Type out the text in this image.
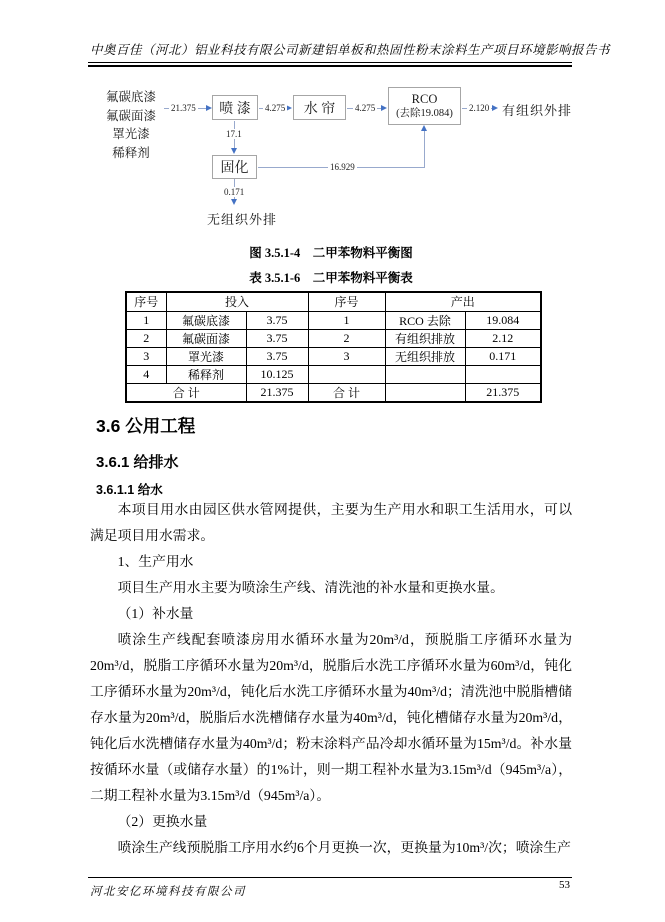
中奥百佳（河北）铝业科技有限公司新建铝单板和热固性粉末涂料生产项目环境影响报告书
氟碳底漆
氟碳面漆
罩光漆
稀释剂
21.375	喷 漆	4.275	水 帘	4.275
RCO
(去除19.084)
2.120 有组织外排
17.1
固化	16.929
0.171
无组织外排
图 3.5.1-4　二甲苯物料平衡图
表 3.5.1-6　二甲苯物料平衡表
序号	投入		序号	产出	
1	氟碳底漆	3.75	1	RCO 去除	19.084
2	氟碳面漆	3.75	2	有组织排放	2.12
3	罩光漆	3.75	3	无组织排放	0.171
4	稀释剂	10.125			
合 计		21.375	合 计		21.375
3.6 公用工程
3.6.1 给排水
3.6.1.1 给水

本项目用水由园区供水管网提供，主要为生产用水和职工生活用水，可以满足项目用水需求。

1、生产用水

项目生产用水主要为喷涂生产线、清洗池的补水量和更换水量。

（1）补水量

喷涂生产线配套喷漆房用水循环水量为20m³/d，预脱脂工序循环水量为20m³/d，脱脂工序循环水量为20m³/d，脱脂后水洗工序循环水量为60m³/d，钝化工序循环水量为20m³/d，钝化后水洗工序循环水量为40m³/d；清洗池中脱脂槽储存水量为20m³/d，脱脂后水洗槽储存水量为40m³/d，钝化槽储存水量为20m³/d，钝化后水洗槽储存水量为40m³/d；粉末涂料产品冷却水循环量为15m³/d。补水量按循环水量（或储存水量）的1%计，则一期工程补水量为3.15m³/d（945m³/a），二期工程补水量为3.15m³/d（945m³/a）。

（2）更换水量

喷涂生产线预脱脂工序用水约6个月更换一次，更换量为10m³/次；喷涂生产

53
河北安亿环境科技有限公司
